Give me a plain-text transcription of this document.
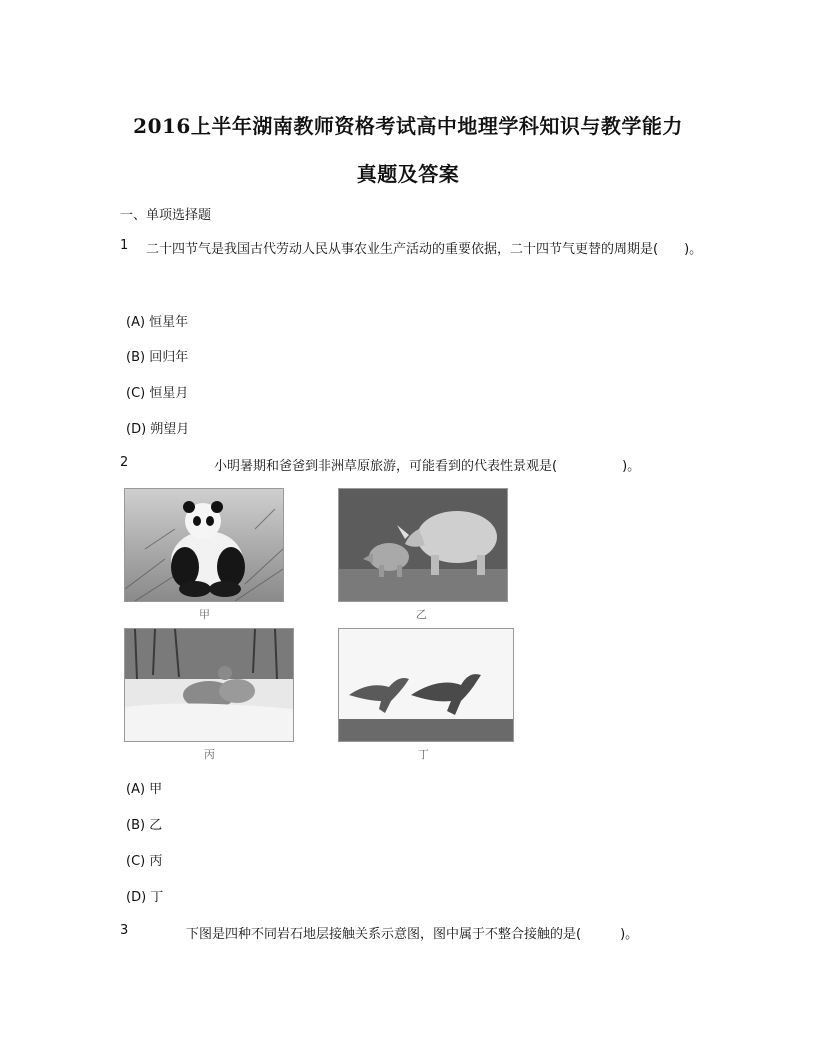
2016上半年湖南教师资格考试高中地理学科知识与教学能力
真题及答案
一、单项选择题
1 二十四节气是我国古代劳动人民从事农业生产活动的重要依据，二十四节气更替的周期是(　　)。
(A) 恒星年
(B) 回归年
(C) 恒星月
(D) 朔望月
2	小明暑期和爸爸到非洲草原旅游，可能看到的代表性景观是(　　　　　)。
甲	乙
丙	丁
(A) 甲
(B) 乙
(C) 丙
(D) 丁
3	下图是四种不同岩石地层接触关系示意图，图中属于不整合接触的是(　　　)。
